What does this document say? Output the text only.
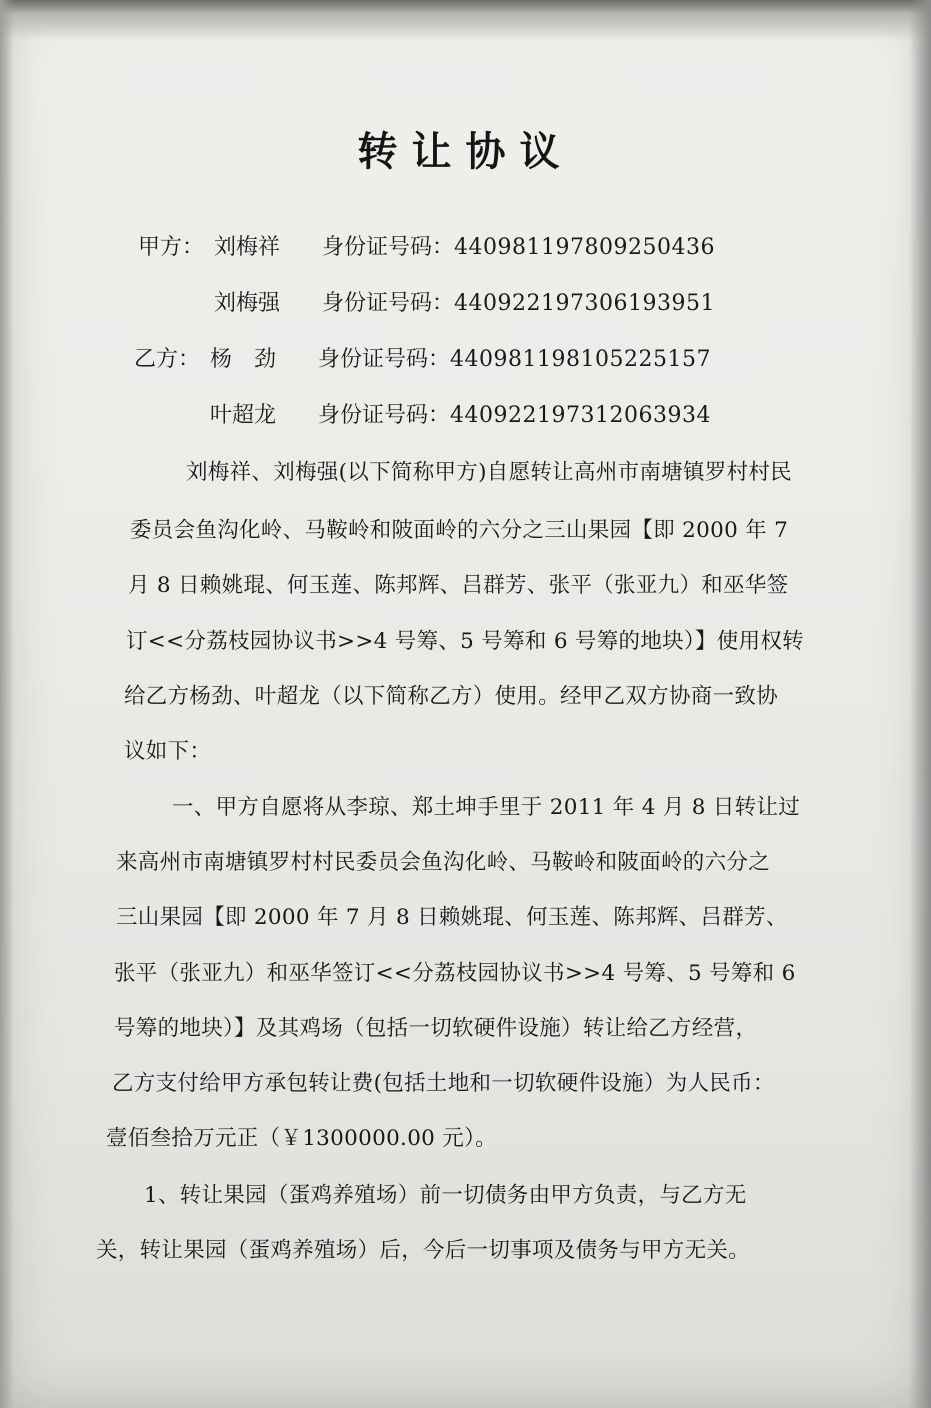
转让协议
甲方： 刘梅祥 身份证号码：440981197809250436
刘梅强 身份证号码：440922197306193951
乙方： 杨　劲 身份证号码：440981198105225157
叶超龙 身份证号码：440922197312063934
刘梅祥、刘梅强(以下简称甲方)自愿转让高州市南塘镇罗村村民
委员会鱼沟化岭、马鞍岭和陂面岭的六分之三山果园【即 2000 年 7
月 8 日赖姚琨、何玉莲、陈邦辉、吕群芳、张平（张亚九）和巫华签
订<<分荔枝园协议书>>4 号筹、5 号筹和 6 号筹的地块）】使用权转
给乙方杨劲、叶超龙（以下简称乙方）使用。经甲乙双方协商一致协
议如下：
一、甲方自愿将从李琼、郑土坤手里于 2011 年 4 月 8 日转让过
来高州市南塘镇罗村村民委员会鱼沟化岭、马鞍岭和陂面岭的六分之
三山果园【即 2000 年 7 月 8 日赖姚琨、何玉莲、陈邦辉、吕群芳、
张平（张亚九）和巫华签订<<分荔枝园协议书>>4 号筹、5 号筹和 6
号筹的地块）】及其鸡场（包括一切软硬件设施）转让给乙方经营，
乙方支付给甲方承包转让费(包括土地和一切软硬件设施）为人民币：
壹佰叁拾万元正（￥1300000.00 元）。
1、转让果园（蛋鸡养殖场）前一切债务由甲方负责，与乙方无
关，转让果园（蛋鸡养殖场）后，今后一切事项及债务与甲方无关。
